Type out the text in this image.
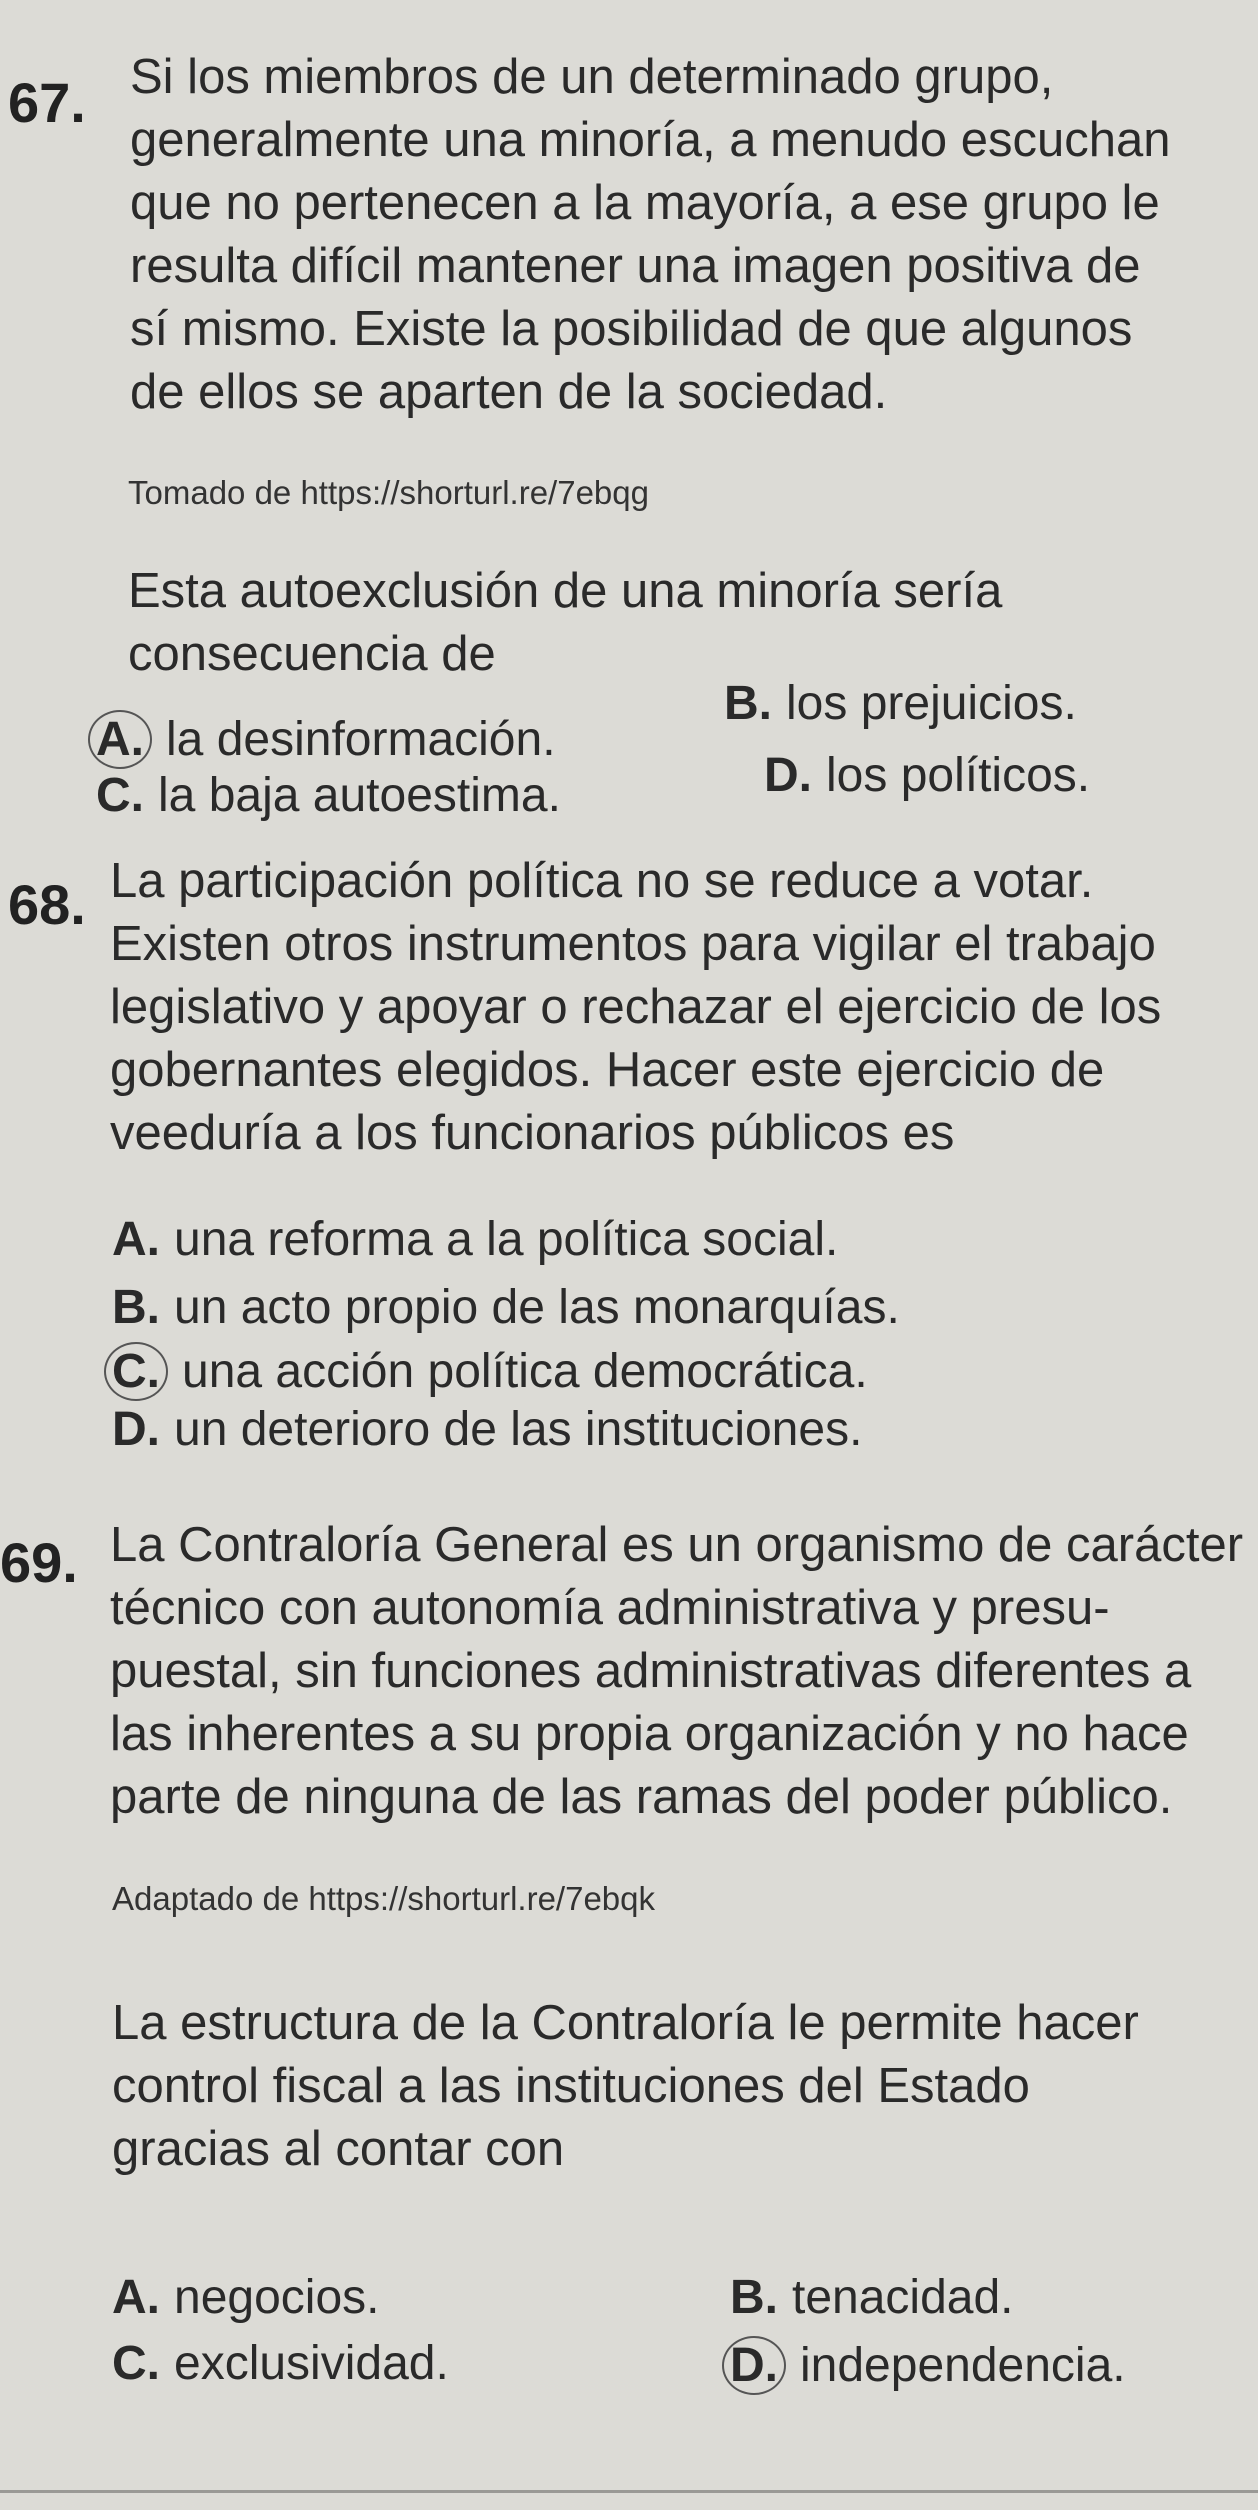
67. Si los miembros de un determinado grupo,
generalmente una minoría, a menudo escuchan
que no pertenecen a la mayoría, a ese grupo le
resulta difícil mantener una imagen positiva de
sí mismo. Existe la posibilidad de que algunos
de ellos se aparten de la sociedad.
Tomado de https://shorturl.re/7ebqg
Esta autoexclusión de una minoría sería
consecuencia de
A. la desinformación.
B. los prejuicios.
C. la baja autoestima.	D. los políticos.
68. La participación política no se reduce a votar.
Existen otros instrumentos para vigilar el trabajo
legislativo y apoyar o rechazar el ejercicio de los
gobernantes elegidos. Hacer este ejercicio de
veeduría a los funcionarios públicos es
A. una reforma a la política social.
B. un acto propio de las monarquías.
C. una acción política democrática.
D. un deterioro de las instituciones.
69. La Contraloría General es un organismo de carácter
técnico con autonomía administrativa y presu-
puestal, sin funciones administrativas diferentes a
las inherentes a su propia organización y no hace
parte de ninguna de las ramas del poder público.
Adaptado de https://shorturl.re/7ebqk
La estructura de la Contraloría le permite hacer
control fiscal a las instituciones del Estado
gracias al contar con
A. negocios.	B. tenacidad.
C. exclusividad.	D. independencia.
